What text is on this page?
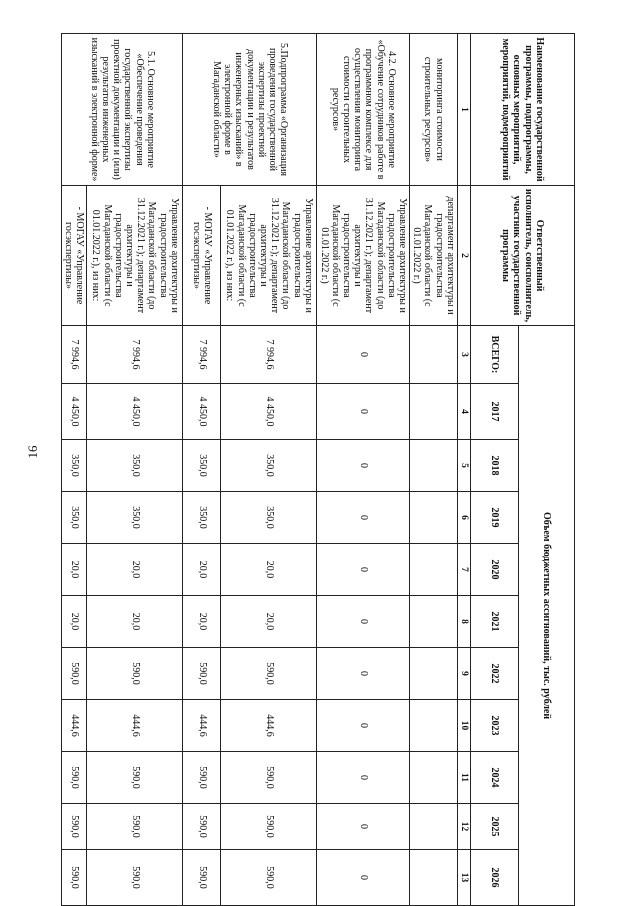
16
Наименование государственной программы, подпрограммы, основных мероприятий, мероприятий, подмероприятий	Ответственный исполнитель, соисполнитель, участник государственной программы	Объем бюджетных ассигнований, тыс. рублей										
		ВСЕГО:	2017	2018	2019	2020	2021	2022	2023	2024	2025	2026
1	2	3	4	5	6	7	8	9	10	11	12	13
мониторинга стоимости строительных ресурсов»	департамент архитектуры и градостроительства Магаданской области (с 01.01.2022 г.)											
4.2. Основное мероприятие «Обучение сотрудников работе в программном комплексе для осуществления мониторинга стоимости строительных ресурсов»	Управление архитектуры и градостроительства Магаданской области (до 31.12.2021 г.); департамент архитектуры и градостроительства Магаданской области (с 01.01.2022 г.)	0	0	0	0	0	0	0	0	0	0	0
5.Подпрограмма «Организация проведения государственной экспертизы проектной документации и результатов инженерных изысканий» в электронной форме в Магаданской области»	Управление архитектуры и градостроительства Магаданской области (до 31.12.2021 г.); департамент архитектуры и градостроительства Магаданской области (с 01.01.2022 г.), из них:	7 994,6	4 450,0	350,0	350,0	20,0	20,0	590,0	444,6	590,0	590,0	590,0
	- МОГАУ «Управление госэкспертизы»	7 994,6	4 450,0	350,0	350,0	20,0	20,0	590,0	444,6	590,0	590,0	590,0
5.1. Основное мероприятие «Обеспечение проведения государственной экспертизы проектной документации и (или) результатов инженерных изысканий в электронной форме»	Управление архитектуры и градостроительства Магаданской области (до 31.12.2021 г.); департамент архитектуры и градостроительства Магаданской области (с 01.01.2022 г.), из них:	7 994,6	4 450,0	350,0	350,0	20,0	20,0	590,0	444,6	590,0	590,0	590,0
	- МОГАУ «Управление госэкспертизы»	7 994,6	4 450,0	350,0	350,0	20,0	20,0	590,0	444,6	590,0	590,0	590,0
